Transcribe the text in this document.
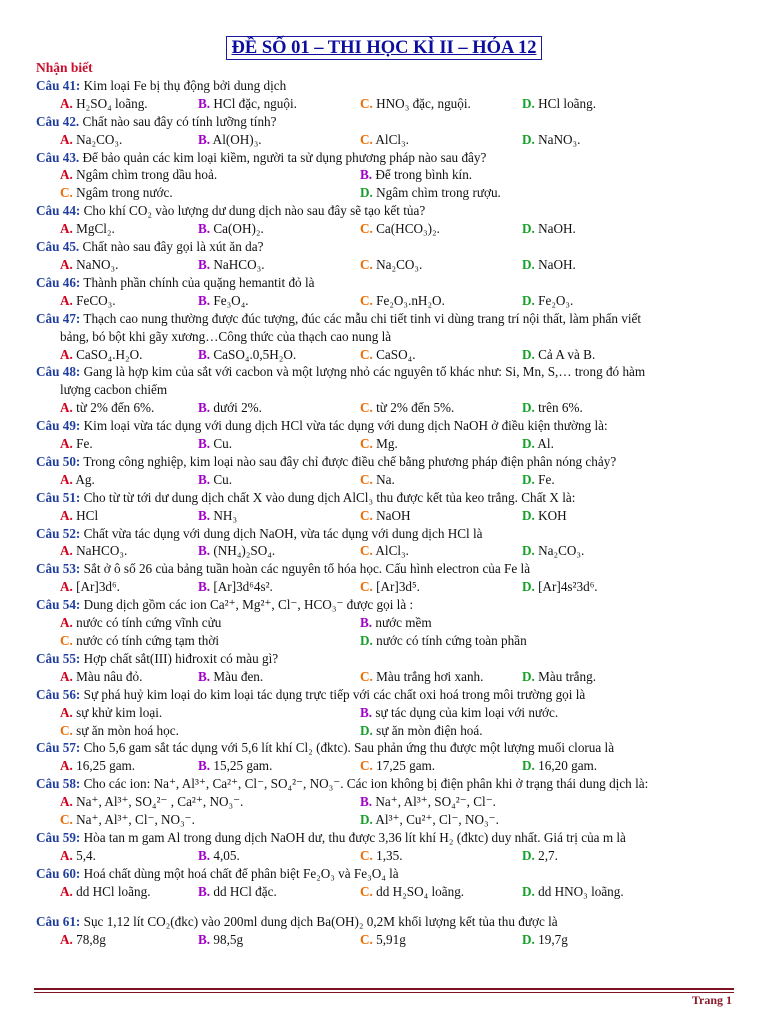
ĐỀ SỐ 01 – THI HỌC KÌ II – HÓA 12
Nhận biết
Câu 41: Kim loại Fe bị thụ động bởi dung dịch
A. H₂SO₄ loãng.	B. HCl đặc, nguội.	C. HNO₃ đặc, nguội.	D. HCl loãng.
Câu 42. Chất nào sau đây có tính lưỡng tính?
A. Na₂CO₃.	B. Al(OH)₃.	C. AlCl₃.	D. NaNO₃.
Câu 43. Để bảo quản các kim loại kiềm, người ta sử dụng phương pháp nào sau đây?
A. Ngâm chìm trong dầu hoả.	B. Để trong bình kín.
C. Ngâm trong nước.	D. Ngâm chìm trong rượu.
Câu 44: Cho khí CO₂ vào lượng dư dung dịch nào sau đây sẽ tạo kết tủa?
A. MgCl₂.	B. Ca(OH)₂.	C. Ca(HCO₃)₂.	D. NaOH.
Câu 45. Chất nào sau đây gọi là xút ăn da?
A. NaNO₃.	B. NaHCO₃.	C. Na₂CO₃.	D. NaOH.
Câu 46: Thành phần chính của quặng hemantit đỏ là
A. FeCO₃.	B. Fe₃O₄.	C. Fe₂O₃.nH₂O.	D. Fe₂O₃.
Câu 47: Thạch cao nung thường được đúc tượng, đúc các mẫu chi tiết tinh vi dùng trang trí nội thất, làm phấn viết
bảng, bó bột khi gãy xương…Công thức của thạch cao nung là
A. CaSO₄.H₂O.	B. CaSO₄.0,5H₂O.	C. CaSO₄.	D. Cả A và B.
Câu 48: Gang là hợp kim của sắt với cacbon và một lượng nhỏ các nguyên tố khác như: Si, Mn, S,… trong đó hàm
lượng cacbon chiếm
A. từ 2% đến 6%.	B. dưới 2%.	C. từ 2% đến 5%.	D. trên 6%.
Câu 49: Kim loại vừa tác dụng với dung dịch HCl vừa tác dụng với dung dịch NaOH ở điều kiện thường là:
A. Fe.	B. Cu.	C. Mg.	D. Al.
Câu 50: Trong công nghiệp, kim loại nào sau đây chỉ được điều chế bằng phương pháp điện phân nóng chảy?
A. Ag.	B. Cu.	C. Na.	D. Fe.
Câu 51: Cho từ từ tới dư dung dịch chất X vào dung dịch AlCl₃ thu được kết tủa keo trắng. Chất X là:
A. HCl	B. NH₃	C. NaOH	D. KOH
Câu 52: Chất vừa tác dụng với dung dịch NaOH, vừa tác dụng với dung dịch HCl là
A. NaHCO₃.	B. (NH₄)₂SO₄.	C. AlCl₃.	D. Na₂CO₃.
Câu 53: Sắt ở ô số 26 của bảng tuần hoàn các nguyên tố hóa học. Cấu hình electron của Fe là
A. [Ar]3d⁶.	B. [Ar]3d⁶4s².	C. [Ar]3d⁵.	D. [Ar]4s²3d⁶.
Câu 54: Dung dịch gồm các ion Ca²⁺, Mg²⁺, Cl⁻, HCO₃⁻ được gọi là :
A. nước có tính cứng vĩnh cửu	B. nước mềm
C. nước có tính cứng tạm thời	D. nước có tính cứng toàn phần
Câu 55: Hợp chất sắt(III) hiđroxit có màu gì?
A. Màu nâu đỏ.	B. Màu đen.	C. Màu trắng hơi xanh.	D. Màu trắng.
Câu 56: Sự phá huỷ kim loại do kim loại tác dụng trực tiếp với các chất oxi hoá trong môi trường gọi là
A. sự khử kim loại.	B. sự tác dụng của kim loại với nước.
C. sự ăn mòn hoá học.	D. sự ăn mòn điện hoá.
Câu 57: Cho 5,6 gam sắt tác dụng với 5,6 lít khí Cl₂ (đktc). Sau phản ứng thu được một lượng muối clorua là
A. 16,25 gam.	B. 15,25 gam.	C. 17,25 gam.	D. 16,20 gam.
Câu 58: Cho các ion: Na⁺, Al³⁺, Ca²⁺, Cl⁻, SO₄²⁻, NO₃⁻. Các ion không bị điện phân khi ở trạng thái dung dịch là:
A. Na⁺, Al³⁺, SO₄²⁻ , Ca²⁺, NO₃⁻.	B. Na⁺, Al³⁺, SO₄²⁻, Cl⁻.
C. Na⁺, Al³⁺, Cl⁻, NO₃⁻.	D. Al³⁺, Cu²⁺, Cl⁻, NO₃⁻.
Câu 59: Hòa tan m gam Al trong dung dịch NaOH dư, thu được 3,36 lít khí H₂ (đktc) duy nhất. Giá trị của m là
A. 5,4.	B. 4,05.	C. 1,35.	D. 2,7.
Câu 60: Hoá chất dùng một hoá chất để phân biệt Fe₂O₃ và Fe₃O₄ là
A. dd HCl loãng.	B. dd HCl đặc.	C. dd H₂SO₄ loãng.	D. dd HNO₃ loãng.
Câu 61: Sục 1,12 lít CO₂(đkc) vào 200ml dung dịch Ba(OH)₂ 0,2M khối lượng kết tủa thu được là
A. 78,8g	B. 98,5g	C. 5,91g	D. 19,7g
Trang 1
